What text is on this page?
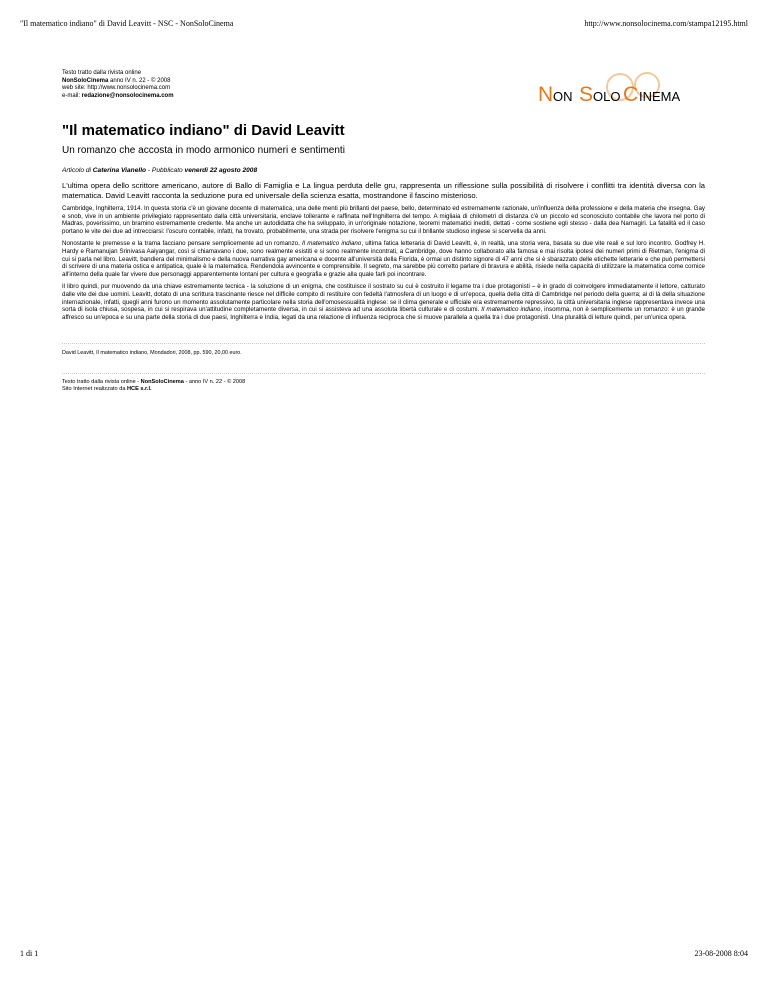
"Il matematico indiano" di David Leavitt - NSC - NonSoloCinema	http://www.nonsolocinema.com/stampa12195.html
Testo tratto dalla rivista online
NonSoloCinema anno IV n. 22 - © 2008
web site: http://www.nonsolocinema.com
e-mail: redazione@nonsolocinema.com	N ON S OLO C INEMA
"Il matematico indiano" di David Leavitt
Un romanzo che accosta in modo armonico numeri e sentimenti
Articolo di Caterina Vianello - Pubblicato venerdì 22 agosto 2008
L'ultima opera dello scrittore americano, autore di Ballo di Famiglia e La lingua perduta delle gru, rappresenta un riflessione sulla possibilità di risolvere i conflitti tra identità diversa con la matematica. David Leavitt racconta la seduzione pura ed universale della scienza esatta, mostrandone il fascino misterioso.

Cambridge, Inghilterra, 1914. In questa storia c'è un giovane docente di matematica, una delle menti più brillanti del paese, bello, determinato ed estremamente razionale, un'influenza della professione e della materia che insegna. Gay e snob, vive in un ambiente privilegiato rappresentato dalla città universitaria, enclave tollerante e raffinata nell'Inghilterra del tempo. A migliaia di chilometri di distanza c'è un piccolo ed sconosciuto contabile che lavora nel porto di Madras, poverissimo, un bramino estremamente credente. Ma anche un autodidatta che ha sviluppato, in un'originale notazione, teoremi matematici inediti, dettati - come sostiene egli stesso - dalla dea Namagiri. La fatalità ed il caso portano le vite dei due ad intrecciarsi: l'oscuro contabile, infatti, ha trovato, probabilmente, una strada per risolvere l'enigma su cui il brillante studioso inglese si scervella da anni.

Nonostante le premesse e la trama facciano pensare semplicemente ad un romanzo, Il matematico indiano, ultima fatica letteraria di David Leavitt, è, in realtà, una storia vera, basata su due vite reali e sul loro incontro. Godfrey H. Hardy e Ramanujan Srinivasa Aaiyangar, così si chiamavano i due, sono realmente esistiti e si sono realmente incontrati, a Cambridge, dove hanno collaborato alla famosa e mai risolta ipotesi dei numeri primi di Rietman, l'enigma di cui si parla nel libro. Leavitt, bandiera del minimalismo e della nuova narrativa gay americana e docente all'università della Florida, è ormai un distinto signore di 47 anni che si è sbarazzato delle etichette letterarie e che può permettersi di scrivere di una materia ostica e antipatica, quale è la matematica. Rendendola avvincente e comprensibile. Il segreto, ma sarebbe più corretto parlare di bravura e abilità, risiede nella capacità di utilizzare la matematica come cornice all'interno della quale far vivere due personaggi apparentemente lontani per cultura e geografia e grazie alla quale farli poi incontrare.

Il libro quindi, pur muovendo da una chiave estremamente tecnica - la soluzione di un enigma, che costituisce il sostrato su cui è costruito il legame tra i due protagonisti – è in grado di coinvolgere immediatamente il lettore, catturato dalle vite dei due uomini. Leavitt, dotato di una scrittura trascinante riesce nel difficile compito di restituire con fedeltà l'atmosfera di un luogo e di un'epoca, quella della città di Cambridge nel periodo della guerra; al di là della situazione internazionale, infatti, quegli anni furono un momento assolutamente particolare nella storia dell'omosessualità inglese: se il clima generale e ufficiale era estremamente repressivo, la città universitaria inglese rappresentava invece una sorta di isola chiusa, sospesa, in cui si respirava un'attitudine completamente diversa, in cui si assisteva ad una assoluta libertà culturale e di costumi. Il matematico indiano, insomma, non è semplicemente un romanzo: è un grande affresco su un'epoca e su una parte della storia di due paesi, Inghilterra e India, legati da una relazione di influenza reciproca che si muove parallela a quella tra i due protagonisti. Una pluralità di letture quindi, per un'unica opera.

David Leavitt, Il matematico indiano, Mondadori, 2008, pp. 590, 20,00 euro.
Testo tratto dalla rivista online - NonSoloCinema - anno IV n. 22 - © 2008
Sito Internet realizzato da HCE s.r.l.
1 di 1	23-08-2008 8:04
